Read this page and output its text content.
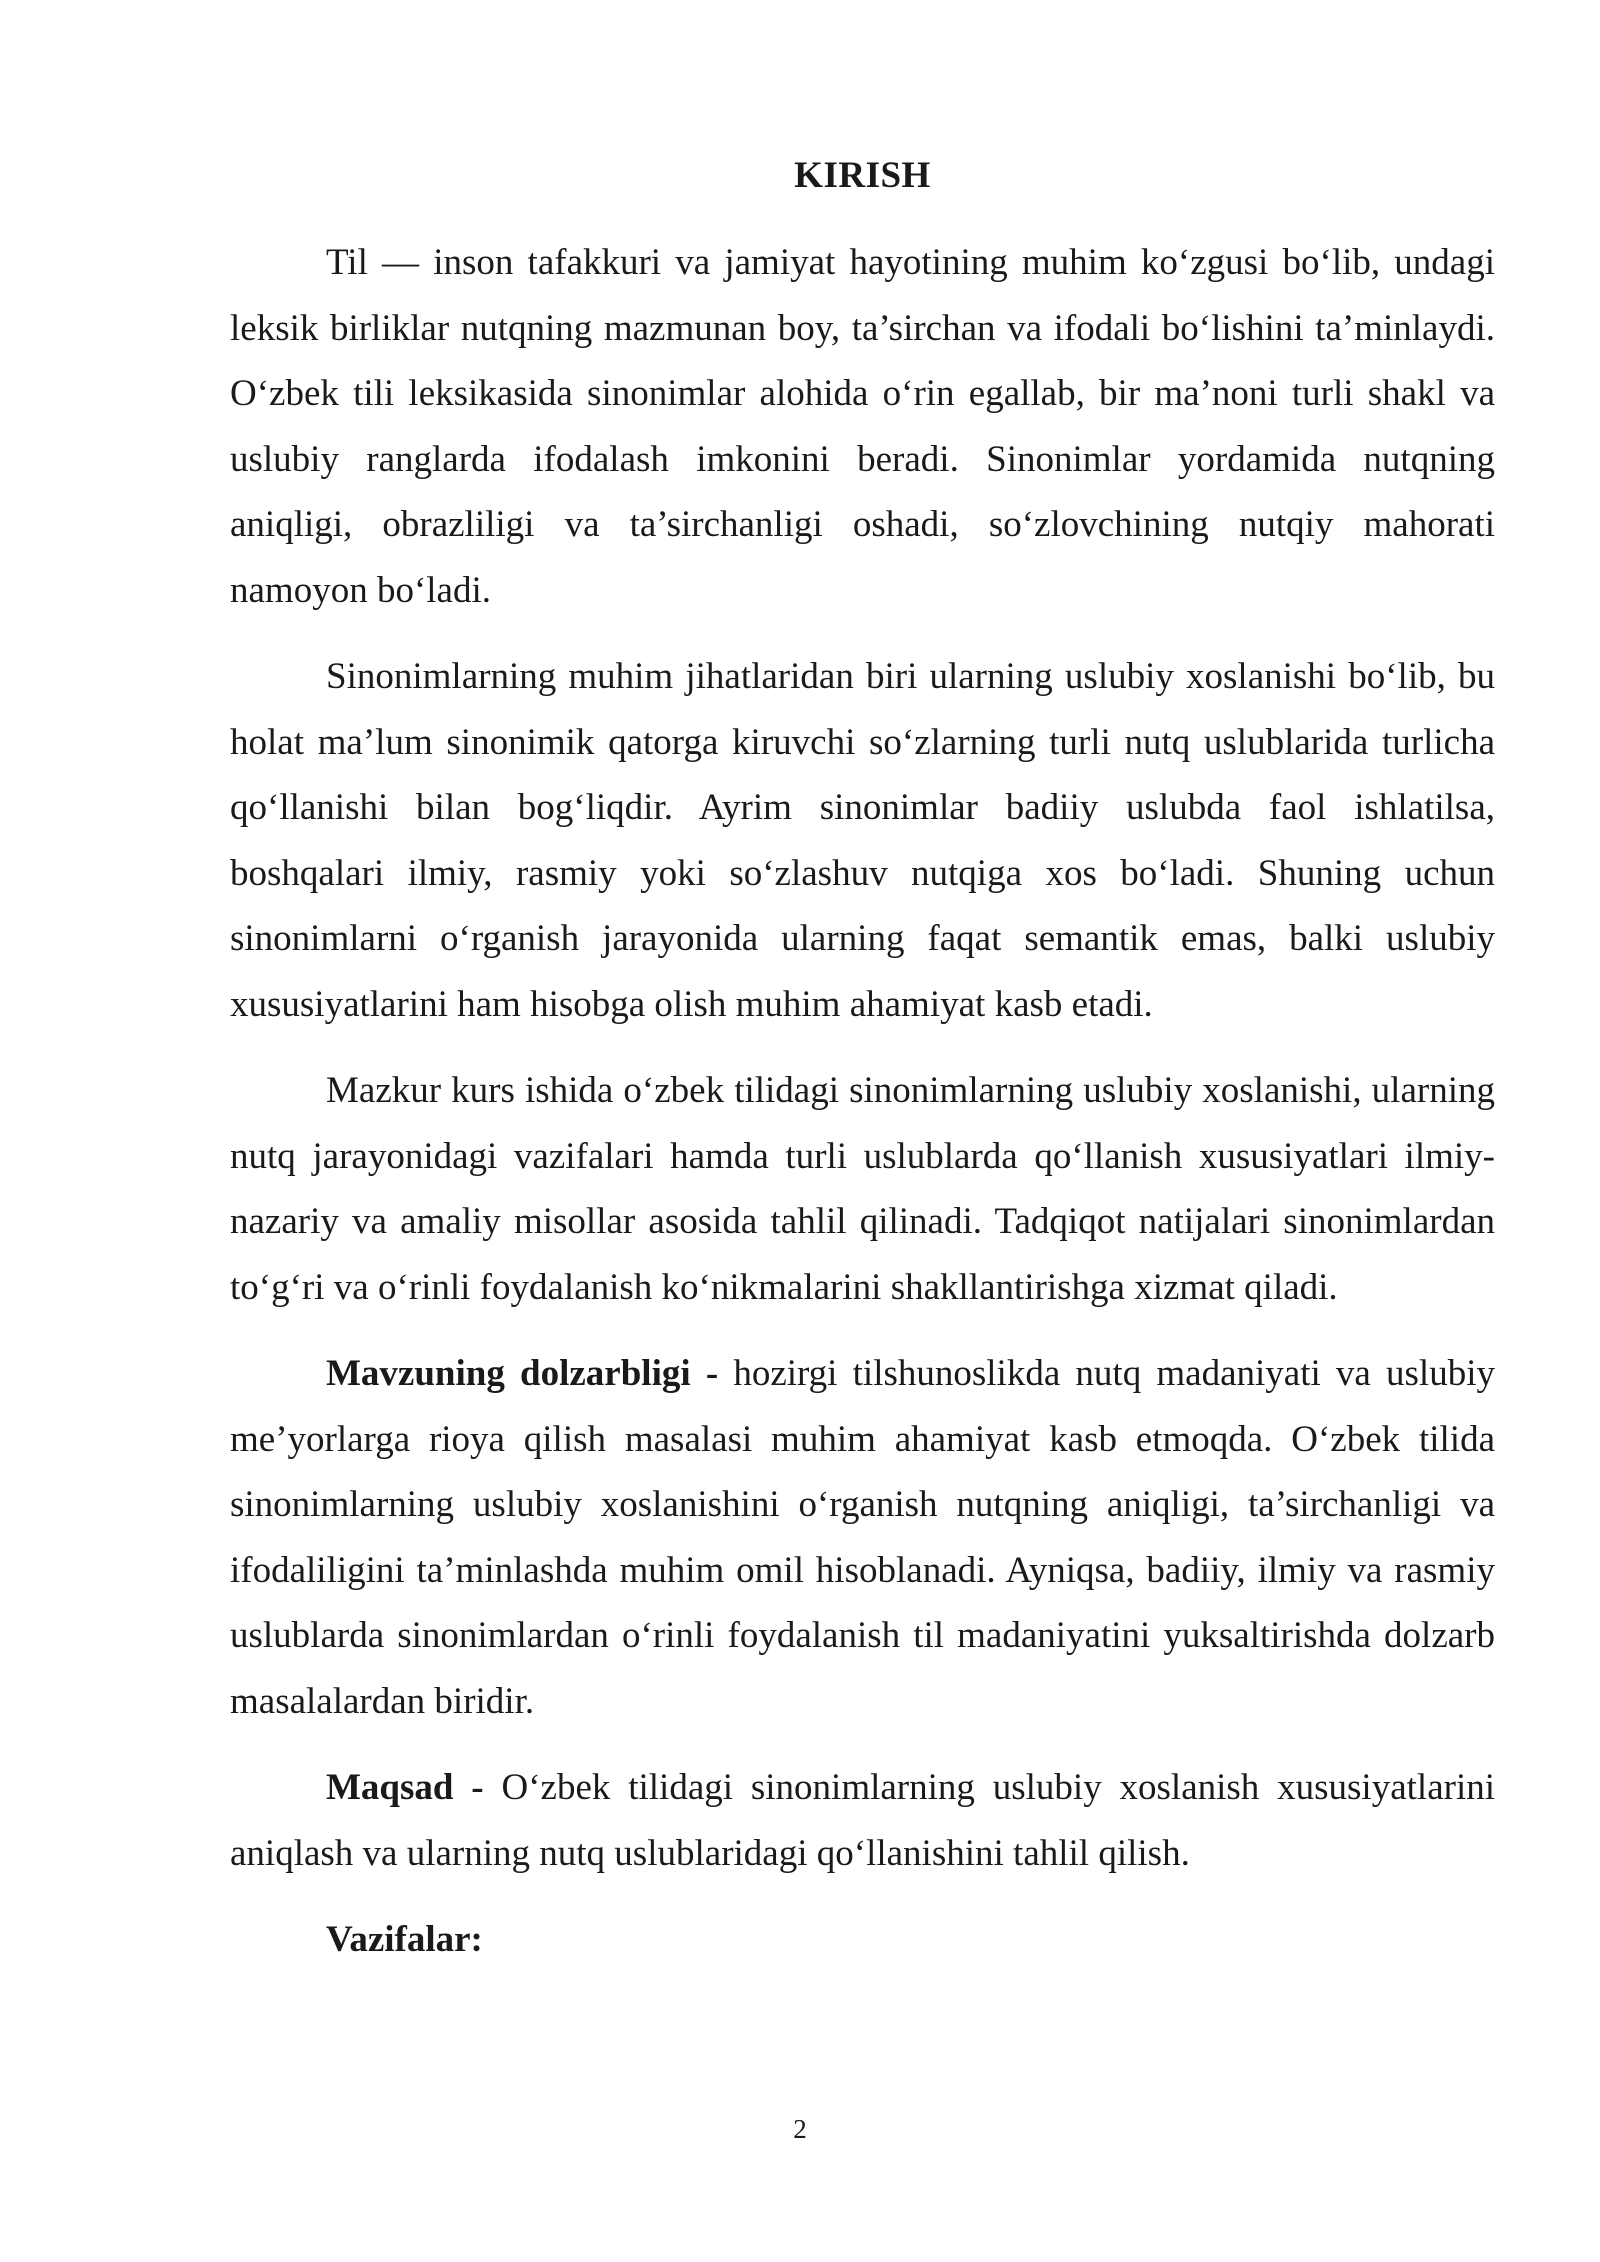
KIRISH

Til — inson tafakkuri va jamiyat hayotining muhim ko‘zgusi bo‘lib, undagi leksik birliklar nutqning mazmunan boy, ta’sirchan va ifodali bo‘lishini ta’minlaydi. O‘zbek tili leksikasida sinonimlar alohida o‘rin egallab, bir ma’noni turli shakl va uslubiy ranglarda ifodalash imkonini beradi. Sinonimlar yordamida nutqning aniqligi, obrazliligi va ta’sirchanligi oshadi, so‘zlovchining nutqiy mahorati namoyon bo‘ladi.

Sinonimlarning muhim jihatlaridan biri ularning uslubiy xoslanishi bo‘lib, bu holat ma’lum sinonimik qatorga kiruvchi so‘zlarning turli nutq uslublarida turlicha qo‘llanishi bilan bog‘liqdir. Ayrim sinonimlar badiiy uslubda faol ishlatilsa, boshqalari ilmiy, rasmiy yoki so‘zlashuv nutqiga xos bo‘ladi. Shuning uchun sinonimlarni o‘rganish jarayonida ularning faqat semantik emas, balki uslubiy xususiyatlarini ham hisobga olish muhim ahamiyat kasb etadi.

Mazkur kurs ishida o‘zbek tilidagi sinonimlarning uslubiy xoslanishi, ularning nutq jarayonidagi vazifalari hamda turli uslublarda qo‘llanish xususiyatlari ilmiy-nazariy va amaliy misollar asosida tahlil qilinadi. Tadqiqot natijalari sinonimlardan to‘g‘ri va o‘rinli foydalanish ko‘nikmalarini shakllantirishga xizmat qiladi.

Mavzuning dolzarbligi - hozirgi tilshunoslikda nutq madaniyati va uslubiy me’yorlarga rioya qilish masalasi muhim ahamiyat kasb etmoqda. O‘zbek tilida sinonimlarning uslubiy xoslanishini o‘rganish nutqning aniqligi, ta’sirchanligi va ifodaliligini ta’minlashda muhim omil hisoblanadi. Ayniqsa, badiiy, ilmiy va rasmiy uslublarda sinonimlardan o‘rinli foydalanish til madaniyatini yuksaltirishda dolzarb masalalardan biridir.

Maqsad - O‘zbek tilidagi sinonimlarning uslubiy xoslanish xususiyatlarini aniqlash va ularning nutq uslublaridagi qo‘llanishini tahlil qilish.

Vazifalar:

2
